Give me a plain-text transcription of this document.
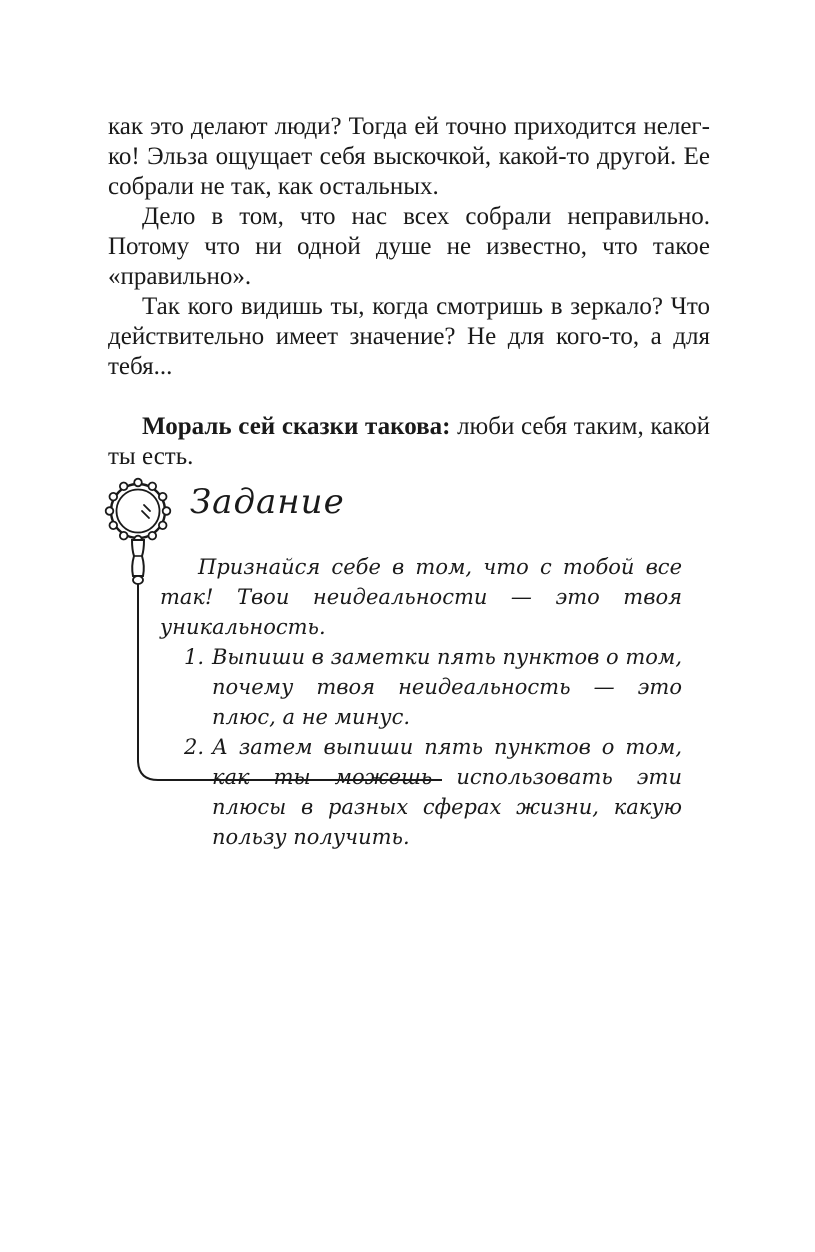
как это делают люди? Тогда ей точно приходится нелег-ко! Эльза ощущает себя выскочкой, какой-то другой. Ее собрали не так, как остальных.

Дело в том, что нас всех собрали неправильно. Потому что ни одной душе не известно, что такое «правильно».

Так кого видишь ты, когда смотришь в зеркало? Что действительно имеет значение? Не для кого-то, а для тебя...

Мораль сей сказки такова: люби себя таким, какой ты есть.

Задание

Признайся себе в том, что с тобой все так! Твои неидеальности — это твоя уникальность.

1. Выпиши в заметки пять пунктов о том, почему твоя неидеальность — это плюс, а не минус.
2. А затем выпиши пять пунктов о том, как ты можешь использовать эти плюсы в разных сферах жизни, какую пользу получить.
